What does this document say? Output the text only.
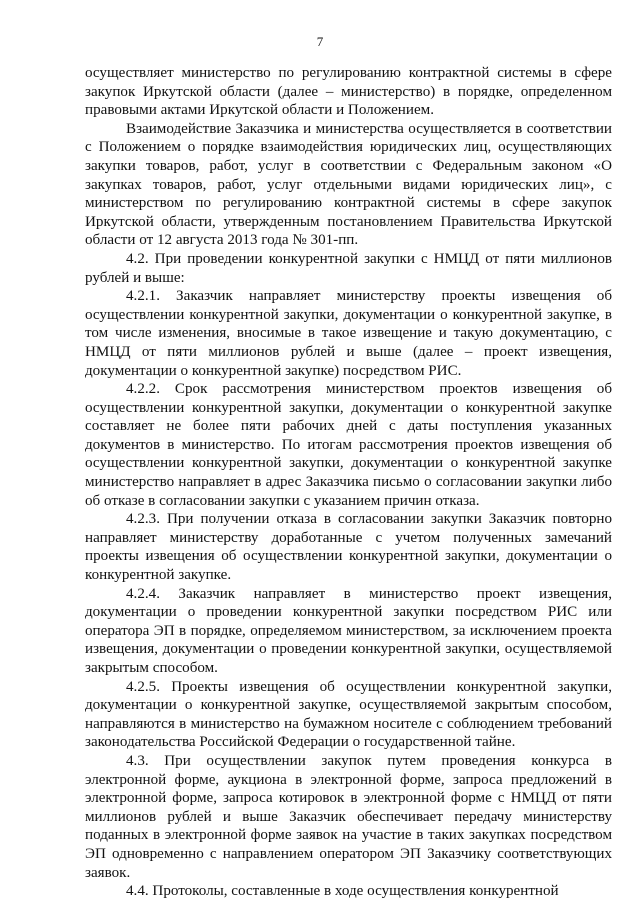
7

осуществляет министерство по регулированию контрактной системы в сфере закупок Иркутской области (далее – министерство) в порядке, определенном правовыми актами Иркутской области и Положением.

Взаимодействие Заказчика и министерства осуществляется в соответствии с Положением о порядке взаимодействия юридических лиц, осуществляющих закупки товаров, работ, услуг в соответствии с Федеральным законом «О закупках товаров, работ, услуг отдельными видами юридических лиц», с министерством по регулированию контрактной системы в сфере закупок Иркутской области, утвержденным постановлением Правительства Иркутской области от 12 августа 2013 года № 301-пп.

4.2. При проведении конкурентной закупки с НМЦД от пяти миллионов рублей и выше:

4.2.1. Заказчик направляет министерству проекты извещения об осуществлении конкурентной закупки, документации о конкурентной закупке, в том числе изменения, вносимые в такое извещение и такую документацию, с НМЦД от пяти миллионов рублей и выше (далее – проект извещения, документации о конкурентной закупке) посредством РИС.

4.2.2. Срок рассмотрения министерством проектов извещения об осуществлении конкурентной закупки, документации о конкурентной закупке составляет не более пяти рабочих дней с даты поступления указанных документов в министерство. По итогам рассмотрения проектов извещения об осуществлении конкурентной закупки, документации о конкурентной закупке министерство направляет в адрес Заказчика письмо о согласовании закупки либо об отказе в согласовании закупки с указанием причин отказа.

4.2.3. При получении отказа в согласовании закупки Заказчик повторно направляет министерству доработанные с учетом полученных замечаний проекты извещения об осуществлении конкурентной закупки, документации о конкурентной закупке.

4.2.4. Заказчик направляет в министерство проект извещения, документации о проведении конкурентной закупки посредством РИС или оператора ЭП в порядке, определяемом министерством, за исключением проекта извещения, документации о проведении конкурентной закупки, осуществляемой закрытым способом.

4.2.5. Проекты извещения об осуществлении конкурентной закупки, документации о конкурентной закупке, осуществляемой закрытым способом, направляются в министерство на бумажном носителе с соблюдением требований законодательства Российской Федерации о государственной тайне.

4.3. При осуществлении закупок путем проведения конкурса в электронной форме, аукциона в электронной форме, запроса предложений в электронной форме, запроса котировок в электронной форме с НМЦД от пяти миллионов рублей и выше Заказчик обеспечивает передачу министерству поданных в электронной форме заявок на участие в таких закупках посредством ЭП одновременно с направлением оператором ЭП Заказчику соответствующих заявок.

4.4. Протоколы, составленные в ходе осуществления конкурентной
